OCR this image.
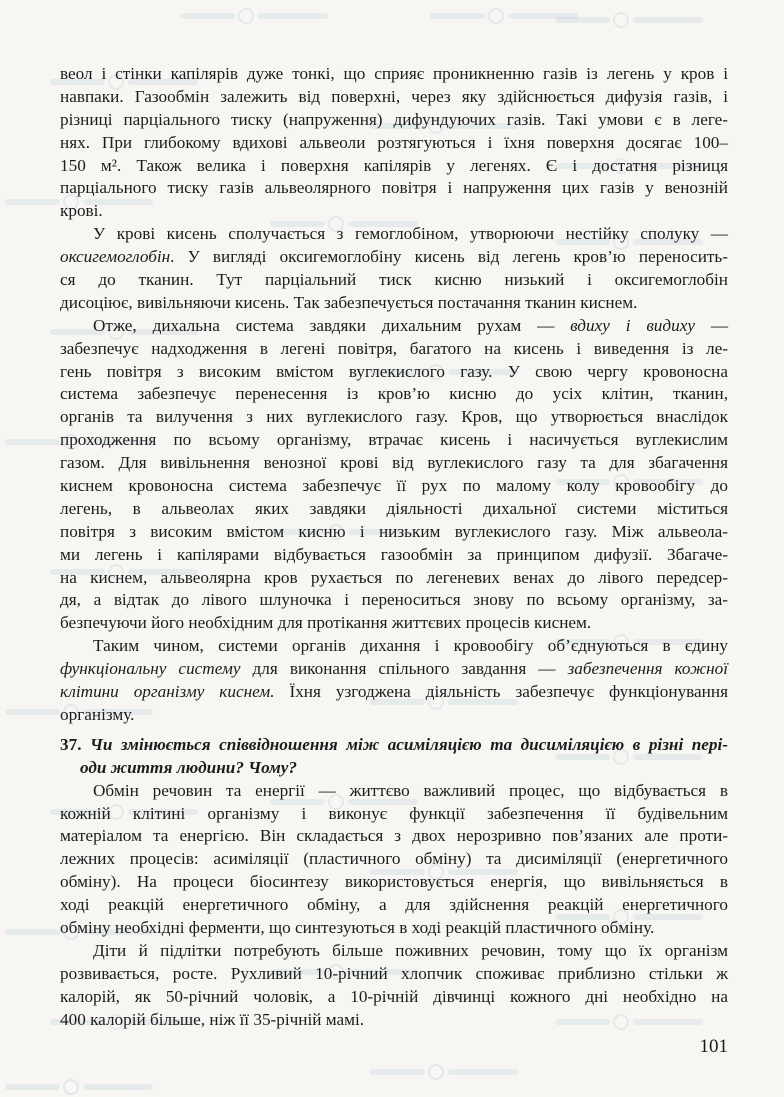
веол і стінки капілярів дуже тонкі, що сприяє проникненню газів із легень у кров і
навпаки. Газообмін залежить від поверхні, через яку здійснюється дифузія газів, і
різниці парціального тиску (напруження) дифундуючих газів. Такі умови є в леге-
нях. При глибокому вдихові альвеоли розтягуються і їхня поверхня досягає 100–
150 м². Також велика і поверхня капілярів у легенях. Є і достатня різниця
парціального тиску газів альвеолярного повітря і напруження цих газів у венозній
крові.
У крові кисень сполучається з гемоглобіном, утворюючи нестійку сполуку —
оксигемоглобін. У вигляді оксигемоглобіну кисень від легень кров’ю переносить-
ся до тканин. Тут парціальний тиск кисню низький і оксигемоглобін
дисоціює, вивільняючи кисень. Так забезпечується постачання тканин киснем.
Отже, дихальна система завдяки дихальним рухам — вдиху і видиху —
забезпечує надходження в легені повітря, багатого на кисень і виведення із ле-
гень повітря з високим вмістом вуглекислого газу. У свою чергу кровоносна
система забезпечує перенесення із кров’ю кисню до усіх клітин, тканин,
органів та вилучення з них вуглекислого газу. Кров, що утворюється внаслідок
проходження по всьому організму, втрачає кисень і насичується вуглекислим
газом. Для вивільнення венозної крові від вуглекислого газу та для збагачення
киснем кровоносна система забезпечує її рух по малому колу кровообігу до
легень, в альвеолах яких завдяки діяльності дихальної системи міститься
повітря з високим вмістом кисню і низьким вуглекислого газу. Між альвеола-
ми легень і капілярами відбувається газообмін за принципом дифузії. Збагаче-
на киснем, альвеолярна кров рухається по легеневих венах до лівого передсер-
дя, а відтак до лівого шлуночка і переноситься знову по всьому організму, за-
безпечуючи його необхідним для протікання життєвих процесів киснем.
Таким чином, системи органів дихання і кровообігу об’єднуються в єдину
функціональну систему для виконання спільного завдання — забезпечення кожної
клітини організму киснем. Їхня узгоджена діяльність забезпечує функціонування
організму.
37. Чи змінюється співвідношення між асиміляцією та дисиміляцією в різні пері-
оди життя людини? Чому?
Обмін речовин та енергії — життєво важливий процес, що відбувається в
кожній клітині організму і виконує функції забезпечення її будівельним
матеріалом та енергією. Він складається з двох нерозривно пов’язаних але проти-
лежних процесів: асиміляції (пластичного обміну) та дисиміляції (енергетичного
обміну). На процеси біосинтезу використовується енергія, що вивільняється в
ході реакцій енергетичного обміну, а для здійснення реакцій енергетичного
обміну необхідні ферменти, що синтезуються в ході реакцій пластичного обміну.
Діти й підлітки потребують більше поживних речовин, тому що їх організм
розвивається, росте. Рухливий 10-річний хлопчик споживає приблизно стільки ж
калорій, як 50-річний чоловік, а 10-річній дівчинці кожного дні необхідно на
400 калорій більше, ніж її 35-річній мамі.
101
